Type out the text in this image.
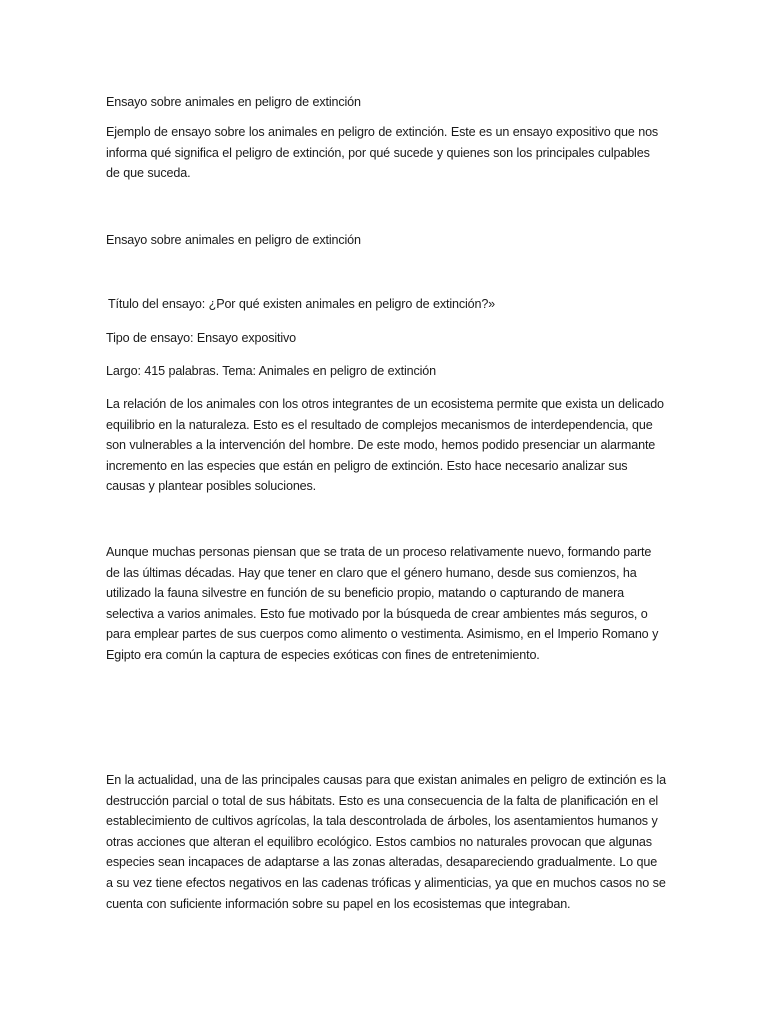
Ensayo sobre animales en peligro de extinción

Ejemplo de ensayo sobre los animales en peligro de extinción. Este es un ensayo expositivo que nos informa qué significa el peligro de extinción, por qué sucede y quienes son los principales culpables de que suceda.

Ensayo sobre animales en peligro de extinción

Título del ensayo: ¿Por qué existen animales en peligro de extinción?»

Tipo de ensayo: Ensayo expositivo

Largo: 415 palabras. Tema: Animales en peligro de extinción

La relación de los animales con los otros integrantes de un ecosistema permite que exista un delicado equilibrio en la naturaleza. Esto es el resultado de complejos mecanismos de interdependencia, que son vulnerables a la intervención del hombre. De este modo, hemos podido presenciar un alarmante incremento en las especies que están en peligro de extinción. Esto hace necesario analizar sus causas y plantear posibles soluciones.

Aunque muchas personas piensan que se trata de un proceso relativamente nuevo, formando parte de las últimas décadas. Hay que tener en claro que el género humano, desde sus comienzos, ha utilizado la fauna silvestre en función de su beneficio propio, matando o capturando de manera selectiva a varios animales. Esto fue motivado por la búsqueda de crear ambientes más seguros, o para emplear partes de sus cuerpos como alimento o vestimenta. Asimismo, en el Imperio Romano y Egipto era común la captura de especies exóticas con fines de entretenimiento.

En la actualidad, una de las principales causas para que existan animales en peligro de extinción es la destrucción parcial o total de sus hábitats. Esto es una consecuencia de la falta de planificación en el establecimiento de cultivos agrícolas, la tala descontrolada de árboles, los asentamientos humanos y otras acciones que alteran el equilibro ecológico. Estos cambios no naturales provocan que algunas especies sean incapaces de adaptarse a las zonas alteradas, desapareciendo gradualmente. Lo que a su vez tiene efectos negativos en las cadenas tróficas y alimenticias, ya que en muchos casos no se cuenta con suficiente información sobre su papel en los ecosistemas que integraban.
